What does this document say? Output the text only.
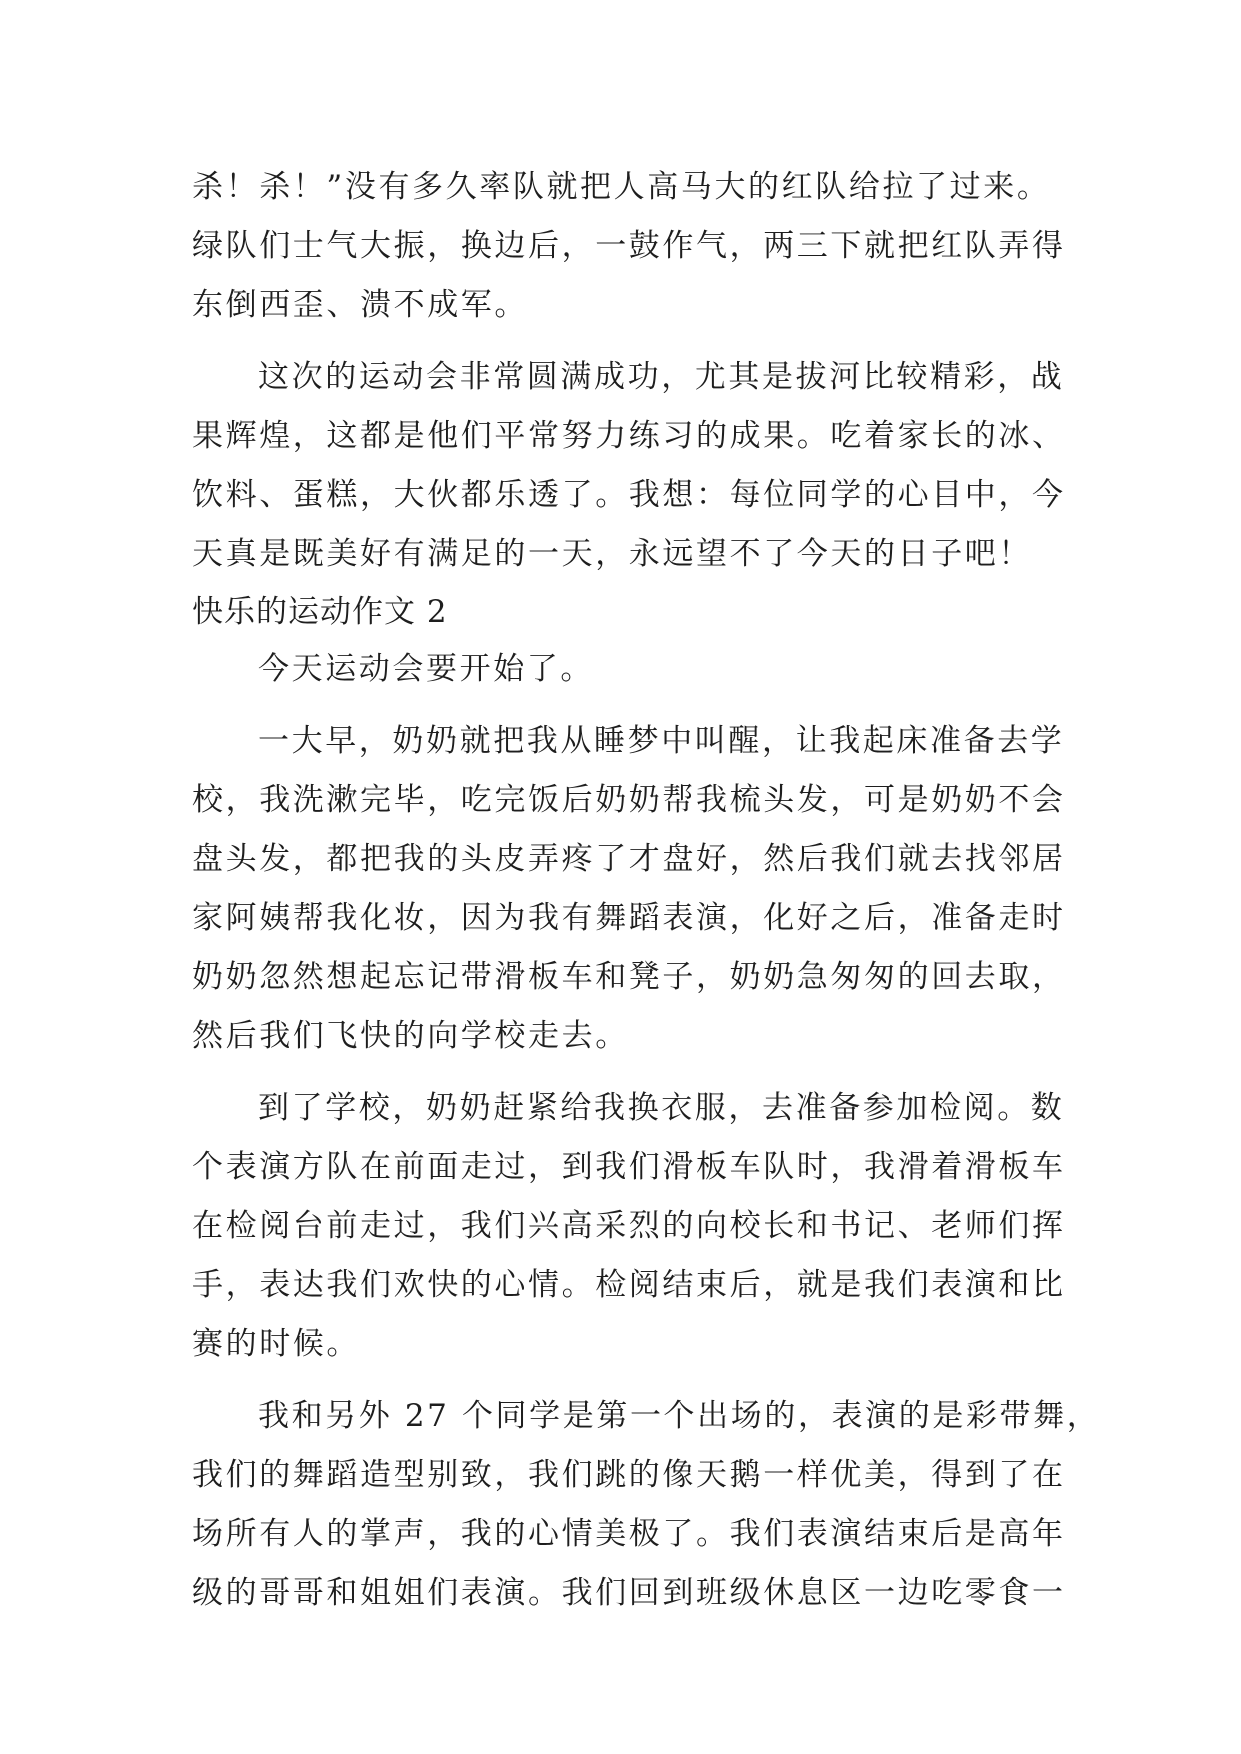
杀！杀！”没有多久率队就把人高马大的红队给拉了过来。
绿队们士气大振，换边后，一鼓作气，两三下就把红队弄得
东倒西歪、溃不成军。
这次的运动会非常圆满成功，尤其是拔河比较精彩，战
果辉煌，这都是他们平常努力练习的成果。吃着家长的冰、
饮料、蛋糕，大伙都乐透了。我想：每位同学的心目中，今
天真是既美好有满足的一天，永远望不了今天的日子吧！
快乐的运动作文 2
今天运动会要开始了。
一大早，奶奶就把我从睡梦中叫醒，让我起床准备去学
校，我洗漱完毕，吃完饭后奶奶帮我梳头发，可是奶奶不会
盘头发，都把我的头皮弄疼了才盘好，然后我们就去找邻居
家阿姨帮我化妆，因为我有舞蹈表演，化好之后，准备走时
奶奶忽然想起忘记带滑板车和凳子，奶奶急匆匆的回去取，
然后我们飞快的向学校走去。
到了学校，奶奶赶紧给我换衣服，去准备参加检阅。数
个表演方队在前面走过，到我们滑板车队时，我滑着滑板车
在检阅台前走过，我们兴高采烈的向校长和书记、老师们挥
手，表达我们欢快的心情。检阅结束后，就是我们表演和比
赛的时候。
我和另外 27 个同学是第一个出场的，表演的是彩带舞，
我们的舞蹈造型别致，我们跳的像天鹅一样优美，得到了在
场所有人的掌声，我的心情美极了。我们表演结束后是高年
级的哥哥和姐姐们表演。我们回到班级休息区一边吃零食一
